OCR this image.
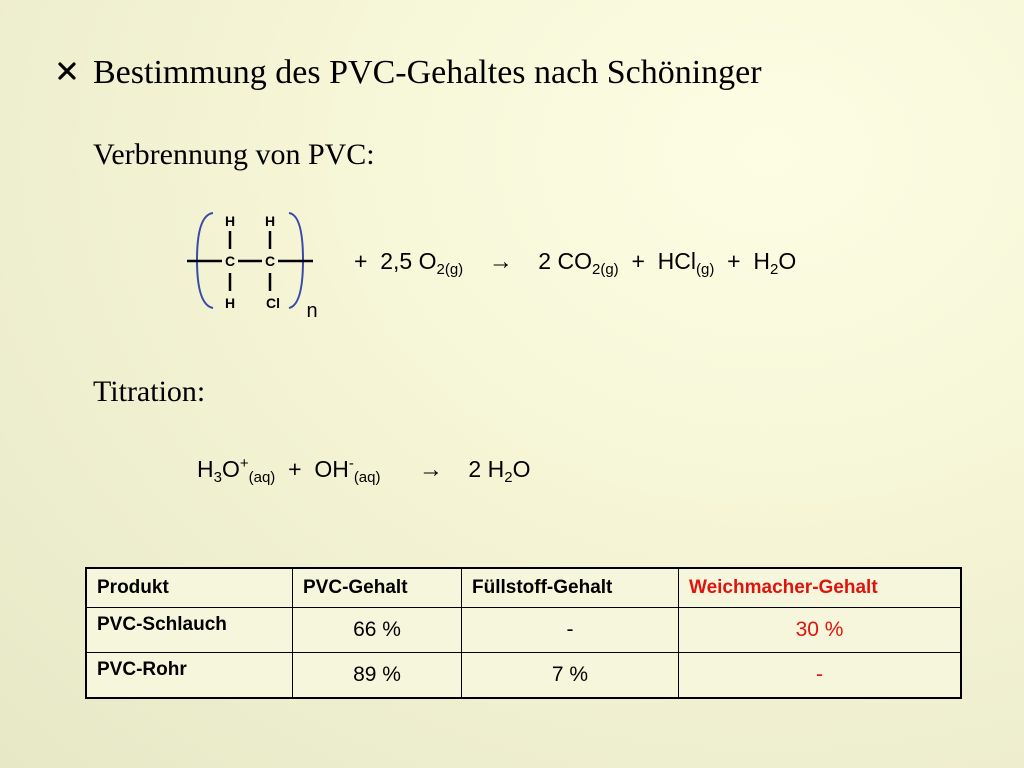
Bestimmung des PVC-Gehaltes nach Schöninger
Verbrennung von PVC:
H H
C C
H Cl n
+ 2,5 $O_{2(g)} \to 2$ $CO_{2(g)} + HCl_{(g)} + H_2O$
Titration:
$H_3O^+_{(aq)} + OH^-_{(aq)} \to 2$ $H_2O$
Produkt	PVC-Gehalt	Füllstoff-Gehalt	Weichmacher-Gehalt
PVC-Schlauch	66 %	-	30 %
PVC-Rohr	89 %	7 %	-
